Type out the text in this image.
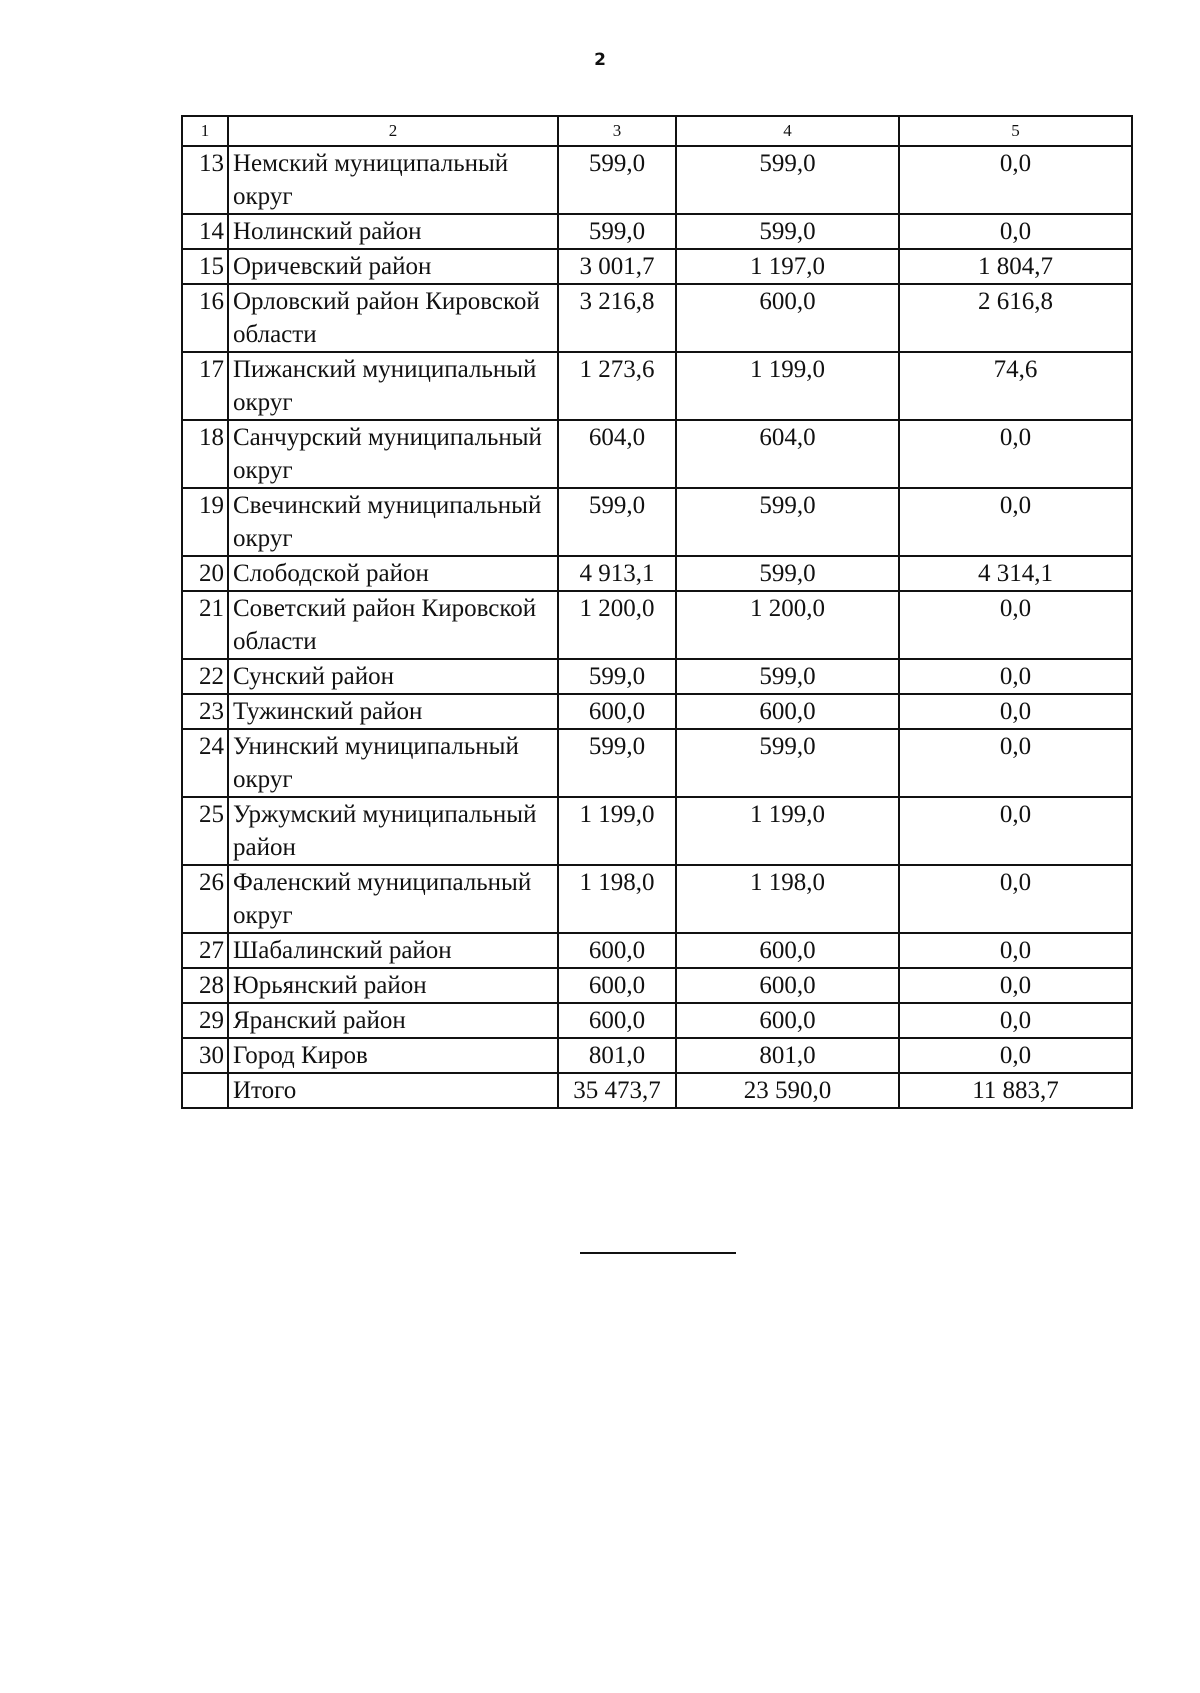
2
1	2	3	4	5
13	Немский муниципальный округ	599,0	599,0	0,0
14	Нолинский район	599,0	599,0	0,0
15	Оричевский район	3 001,7	1 197,0	1 804,7
16	Орловский район Кировской области	3 216,8	600,0	2 616,8
17	Пижанский муниципальный округ	1 273,6	1 199,0	74,6
18	Санчурский муниципальный округ	604,0	604,0	0,0
19	Свечинский муниципальный округ	599,0	599,0	0,0
20	Слободской район	4 913,1	599,0	4 314,1
21	Советский район Кировской области	1 200,0	1 200,0	0,0
22	Сунский район	599,0	599,0	0,0
23	Тужинский район	600,0	600,0	0,0
24	Унинский муниципальный округ	599,0	599,0	0,0
25	Уржумский муниципальный район	1 199,0	1 199,0	0,0
26	Фаленский муниципальный округ	1 198,0	1 198,0	0,0
27	Шабалинский район	600,0	600,0	0,0
28	Юрьянский район	600,0	600,0	0,0
29	Яранский район	600,0	600,0	0,0
30	Город Киров	801,0	801,0	0,0
	Итого	35 473,7	23 590,0	11 883,7
